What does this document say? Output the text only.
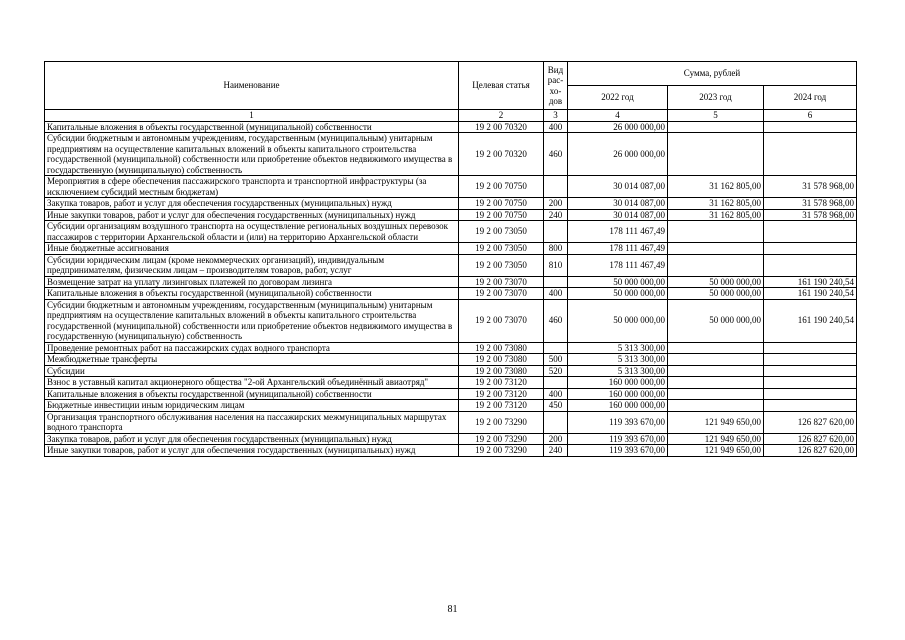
Наименование	Целевая статья	Вид
рас-
хо-
дов	Сумма, рублей		
			2022 год	2023 год	2024 год
1	2	3	4	5	6
Капитальные вложения в объекты государственной (муниципальной) собственности	19 2 00 70320	400	26 000 000,00		
Субсидии бюджетным и автономным учреждениям, государственным (муниципальным) унитарным предприятиям на осуществление капитальных вложений в объекты капитального строительства государственной (муниципальной) собственности или приобретение объектов недвижимого имущества в государственную (муниципальную) собственность	19 2 00 70320	460	26 000 000,00		
Мероприятия в сфере обеспечения пассажирского транспорта и транспортной инфраструктуры (за исключением субсидий местным бюджетам)	19 2 00 70750		30 014 087,00	31 162 805,00	31 578 968,00
Закупка товаров, работ и услуг для обеспечения государственных (муниципальных) нужд	19 2 00 70750	200	30 014 087,00	31 162 805,00	31 578 968,00
Иные закупки товаров, работ и услуг для обеспечения государственных (муниципальных) нужд	19 2 00 70750	240	30 014 087,00	31 162 805,00	31 578 968,00
Субсидии организациям воздушного транспорта на осуществление региональных воздушных перевозок пассажиров с территории Архангельской области и (или) на территорию Архангельской области	19 2 00 73050		178 111 467,49		
Иные бюджетные ассигнования	19 2 00 73050	800	178 111 467,49		
Субсидии юридическим лицам (кроме некоммерческих организаций), индивидуальным предпринимателям, физическим лицам – производителям товаров, работ, услуг	19 2 00 73050	810	178 111 467,49		
Возмещение затрат на уплату лизинговых платежей по договорам лизинга	19 2 00 73070		50 000 000,00	50 000 000,00	161 190 240,54
Капитальные вложения в объекты государственной (муниципальной) собственности	19 2 00 73070	400	50 000 000,00	50 000 000,00	161 190 240,54
Субсидии бюджетным и автономным учреждениям, государственным (муниципальным) унитарным предприятиям на осуществление капитальных вложений в объекты капитального строительства государственной (муниципальной) собственности или приобретение объектов недвижимого имущества в государственную (муниципальную) собственность	19 2 00 73070	460	50 000 000,00	50 000 000,00	161 190 240,54
Проведение ремонтных работ на пассажирских судах водного транспорта	19 2 00 73080		5 313 300,00		
Межбюджетные трансферты	19 2 00 73080	500	5 313 300,00		
Субсидии	19 2 00 73080	520	5 313 300,00		
Взнос в уставный капитал акционерного общества "2-ой Архангельский объединённый авиаотряд"	19 2 00 73120		160 000 000,00		
Капитальные вложения в объекты государственной (муниципальной) собственности	19 2 00 73120	400	160 000 000,00		
Бюджетные инвестиции иным юридическим лицам	19 2 00 73120	450	160 000 000,00		
Организация транспортного обслуживания населения на пассажирских межмуниципальных маршрутах водного транспорта	19 2 00 73290		119 393 670,00	121 949 650,00	126 827 620,00
Закупка товаров, работ и услуг для обеспечения государственных (муниципальных) нужд	19 2 00 73290	200	119 393 670,00	121 949 650,00	126 827 620,00
Иные закупки товаров, работ и услуг для обеспечения государственных (муниципальных) нужд	19 2 00 73290	240	119 393 670,00	121 949 650,00	126 827 620,00
81
